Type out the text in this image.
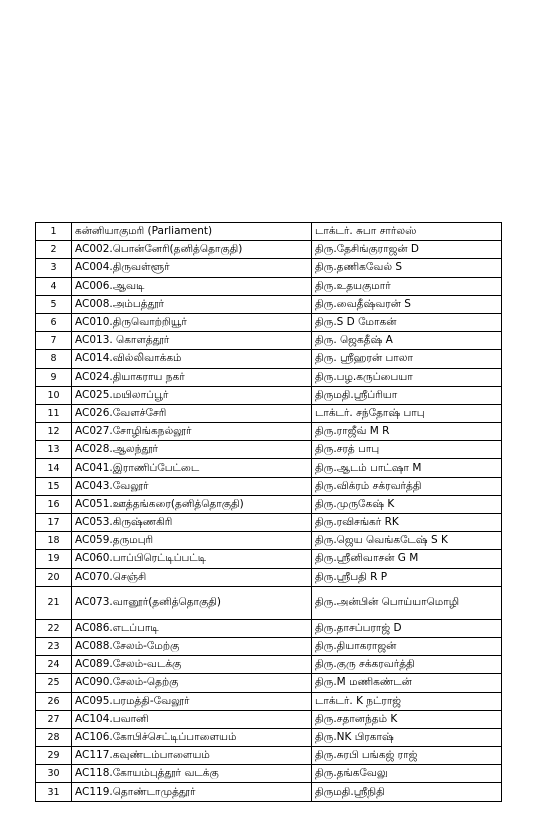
1	கன்னியாகுமரி (Parliament)	டாக்டர். சுபா சார்லஸ்
2	AC002.பொன்னேரி(தனித்தொகுதி)	திரு.தேசிங்குராஜன் D
3	AC004.திருவள்ளூர்	திரு.தணிகவேல் S
4	AC006.ஆவடி	திரு.உதயகுமார்
5	AC008.அம்பத்தூர்	திரு.வைதீஷ்வரன் S
6	AC010.திருவொற்றியூர்	திரு.S D மோகன்
7	AC013. கொளத்தூர்	திரு. ஜெகதீஷ் A
8	AC014.வில்லிவாக்கம்	திரு. ஸ்ரீஹரன் பாலா
9	AC024.தியாகராய நகர்	திரு.பழ.கருப்பையா
10	AC025.மயிலாப்பூர்	திருமதி.ஸ்ரீப்ரியா
11	AC026.வேளச்சேரி	டாக்டர். சந்தோஷ் பாபு
12	AC027.சோழிங்கநல்லூர்	திரு.ராஜீவ் M R
13	AC028.ஆலந்தூர்	திரு.சரத் பாபு
14	AC041.இராணிப்பேட்டை	திரு.ஆடம் பாட்ஷா M
15	AC043.வேலூர்	திரு.விக்ரம் சக்ரவர்த்தி
16	AC051.ஊத்தங்கரை(தனித்தொகுதி)	திரு.முருகேஷ் K
17	AC053.கிருஷ்ணகிரி	திரு.ரவிசங்கர் RK
18	AC059.தருமபுரி	திரு.ஜெய வெங்கடேஷ் S K
19	AC060.பாப்பிரெட்டிப்பட்டி	திரு.ஸ்ரீனிவாசன் G M
20	AC070.செஞ்சி	திரு.ஸ்ரீபதி R P
21	AC073.வானூர்(தனித்தொகுதி)	திரு.அன்பின் பொய்யாமொழி
22	AC086.எடப்பாடி	திரு.தாசப்பராஜ் D
23	AC088.சேலம்-மேற்கு	திரு.தியாகராஜன்
24	AC089.சேலம்-வடக்கு	திரு.குரு சக்கரவர்த்தி
25	AC090.சேலம்-தெற்கு	திரு.M மணிகண்டன்
26	AC095.பரமத்தி-வேலூர்	டாக்டர். K நட்ராஜ்
27	AC104.பவானி	திரு.சதானந்தம் K
28	AC106.கோபிச்செட்டிப்பாளையம்	திரு.NK பிரகாஷ்
29	AC117.கவுண்டம்பாளையம்	திரு.சுரபி பங்கஜ் ராஜ்
30	AC118.கோயம்புத்தூர் வடக்கு	திரு.தங்கவேலு
31	AC119.தொண்டாமுத்தூர்	திருமதி.ஸ்ரீநிதி
